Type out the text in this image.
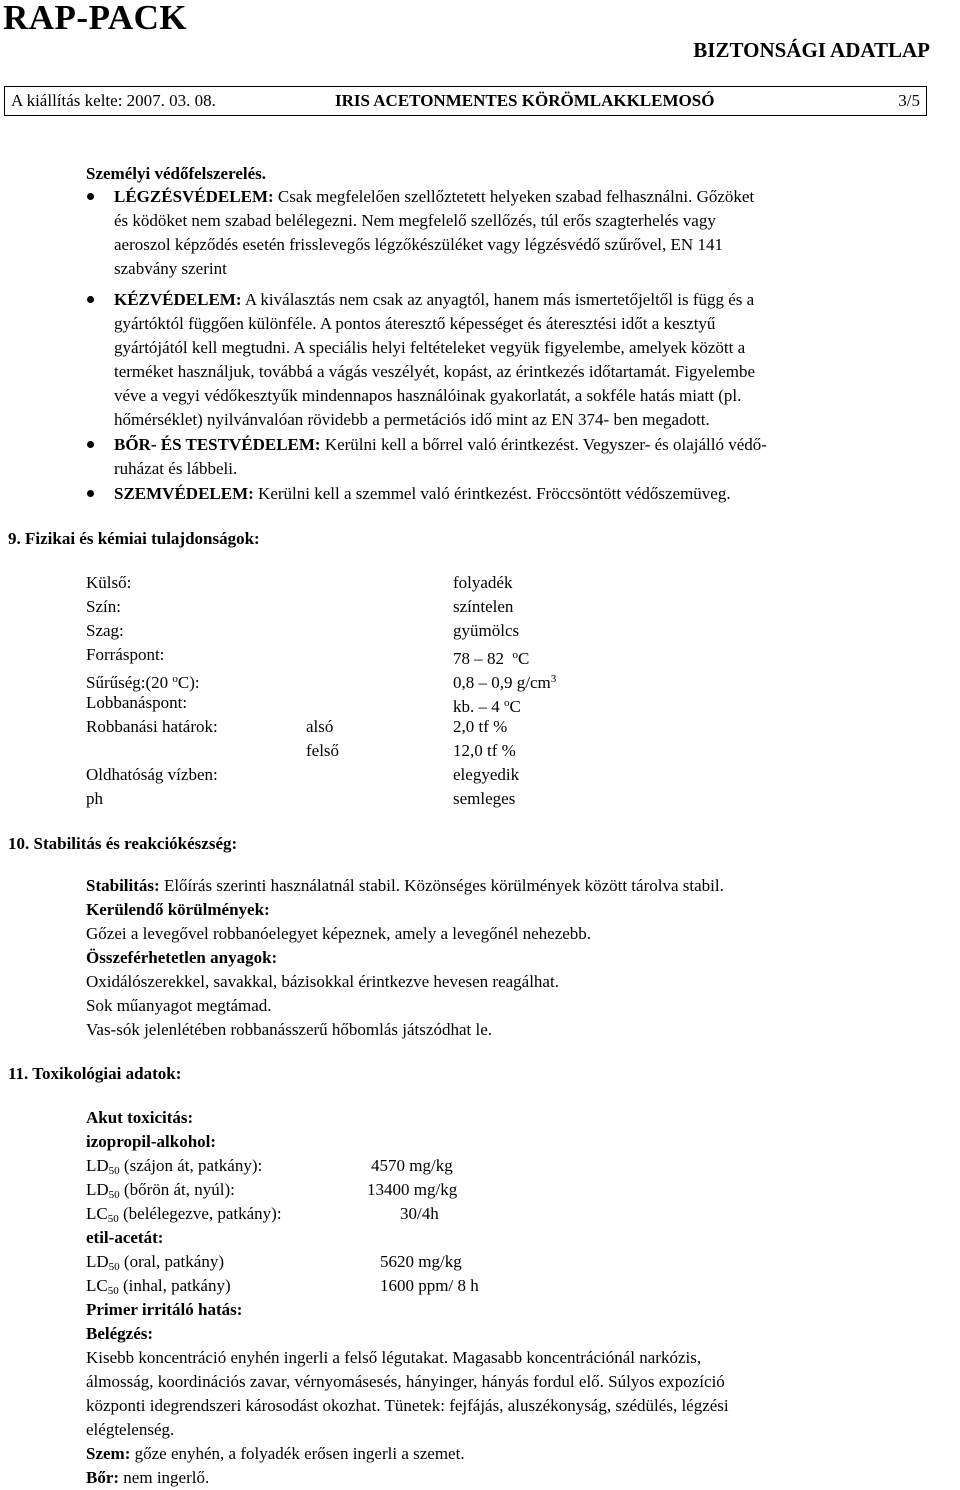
RAP-PACK
BIZTONSÁGI ADATLAP
A kiállítás kelte: 2007. 03. 08.	IRIS ACETONMENTES KÖRÖMLAKKLEMOSÓ	3/5
Személyi védőfelszerelés.
LÉGZÉSVÉDELEM: Csak megfelelően szellőztetett helyeken szabad felhasználni. Gőzöket
és ködöket nem szabad belélegezni. Nem megfelelő szellőzés, túl erős szagterhelés vagy
aeroszol képződés esetén frisslevegős légzőkészüléket vagy légzésvédő szűrővel, EN 141
szabvány szerint
KÉZVÉDELEM: A kiválasztás nem csak az anyagtól, hanem más ismertetőjeltől is függ és a
gyártóktól függően különféle. A pontos áteresztő képességet és áteresztési időt a kesztyű
gyártójától kell megtudni. A speciális helyi feltételeket vegyük figyelembe, amelyek között a
terméket használjuk, továbbá a vágás veszélyét, kopást, az érintkezés időtartamát. Figyelembe
véve a vegyi védőkesztyűk mindennapos használóinak gyakorlatát, a sokféle hatás miatt (pl.
hőmérséklet) nyilvánvalóan rövidebb a permetációs idő mint az EN 374- ben megadott.
BŐR- ÉS TESTVÉDELEM: Kerülni kell a bőrrel való érintkezést. Vegyszer- és olajálló védő-
ruházat és lábbeli.
SZEMVÉDELEM: Kerülni kell a szemmel való érintkezést. Fröccsöntött védőszemüveg.
9. Fizikai és kémiai tulajdonságok:
Külső:	folyadék
Szín:	színtelen
Szag:	gyümölcs
Forráspont:	78 – 82 $^o$C
Sűrűség:(20 $^o$C):	0,8 – 0,9 $g/cm^3$
Lobbanáspont:	kb. – 4 $^o$C
Robbanási határok:	alsó	2,0 tf %
felső	12,0 tf %
Oldhatóság vízben:	elegyedik
ph	semleges
10. Stabilitás és reakciókészség:
Stabilitás: Előírás szerinti használatnál stabil. Közönséges körülmények között tárolva stabil.
Kerülendő körülmények:
Gőzei a levegővel robbanóelegyet képeznek, amely a levegőnél nehezebb.
Összeférhetetlen anyagok:
Oxidálószerekkel, savakkal, bázisokkal érintkezve hevesen reagálhat.
Sok műanyagot megtámad.
Vas-sók jelenlétében robbanásszerű hőbomlás játszódhat le.
11. Toxikológiai adatok:
Akut toxicitás:
izopropil-alkohol:
$LD_{50}$ (szájon át, patkány):	4570 mg/kg
$LD_{50}$ (bőrön át, nyúl):	13400 mg/kg
$LC_{50}$ (belélegezve, patkány):	30/4h
etil-acetát:
$LD_{50}$ (oral, patkány)	5620 mg/kg
$LC_{50}$ (inhal, patkány)	1600 ppm/ 8 h
Primer irritáló hatás:
Belégzés:
Kisebb koncentráció enyhén ingerli a felső légutakat. Magasabb koncentrációnál narkózis,
álmosság, koordinációs zavar, vérnyomásesés, hányinger, hányás fordul elő. Súlyos expozíció
központi idegrendszeri károsodást okozhat. Tünetek: fejfájás, aluszékonyság, szédülés, légzési
elégtelenség.
Szem: gőze enyhén, a folyadék erősen ingerli a szemet.
Bőr: nem ingerlő.
